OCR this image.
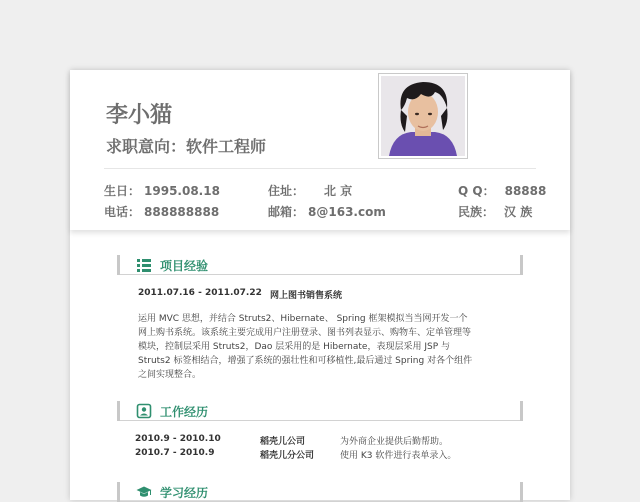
李小猫
求职意向：软件工程师
生日： 1995.08.18	住址： 北 京	Q Q： 88888
电话： 888888888	邮箱： 8@163.com	民族： 汉 族
项目经验
2011.07.16 - 2011.07.22 网上图书销售系统
运用 MVC 思想，并结合 Struts2、Hibernate、 Spring 框架模拟当当网开发一个网上购书系统。该系统主要完成用户注册登录、图书列表显示、购物车、定单管理等模块，控制层采用 Struts2，Dao 层采用的是 Hibernate，表现层采用 JSP 与 Struts2 标签相结合，增强了系统的强壮性和可移植性,最后通过 Spring 对各个组件之间实现整合。
工作经历
2010.9 - 2010.10	稻壳儿公司	为外商企业提供后勤帮助。
2010.7 - 2010.9	稻壳儿分公司	使用 K3 软件进行表单录入。
学习经历
